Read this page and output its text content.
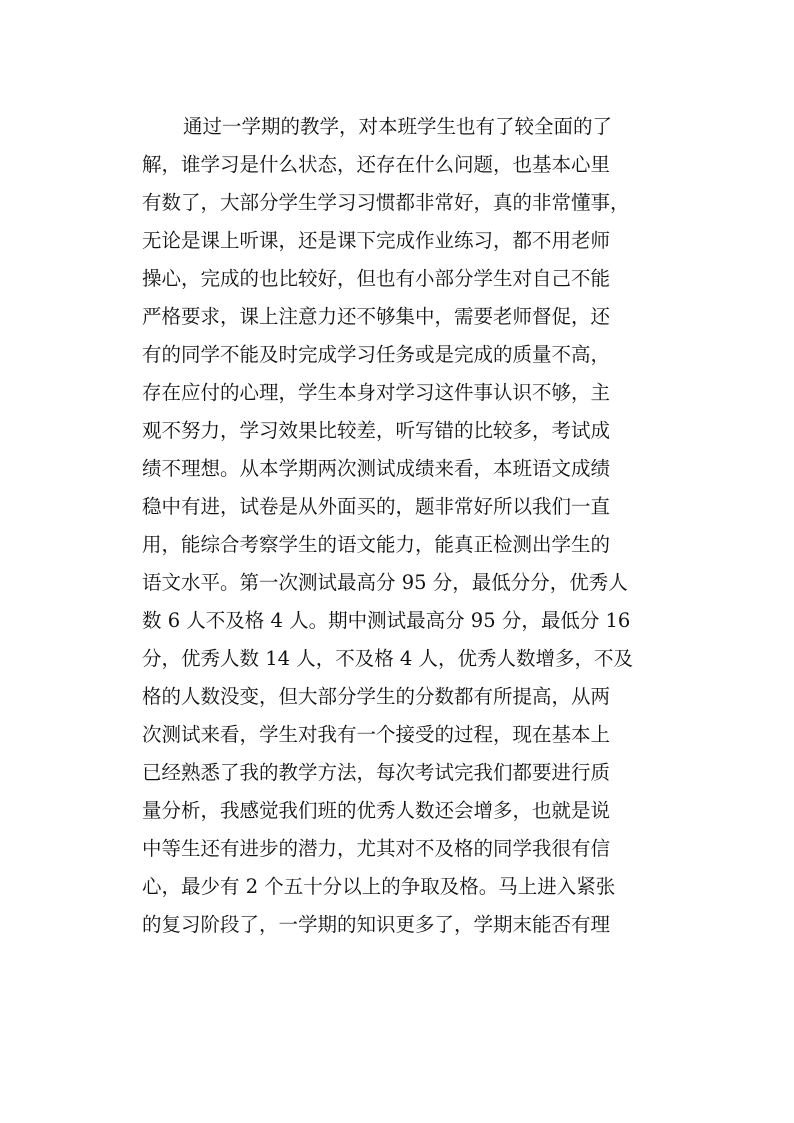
通过一学期的教学，对本班学生也有了较全面的了
解，谁学习是什么状态，还存在什么问题，也基本心里
有数了，大部分学生学习习惯都非常好，真的非常懂事，
无论是课上听课，还是课下完成作业练习，都不用老师
操心，完成的也比较好，但也有小部分学生对自己不能
严格要求，课上注意力还不够集中，需要老师督促，还
有的同学不能及时完成学习任务或是完成的质量不高，
存在应付的心理，学生本身对学习这件事认识不够，主
观不努力，学习效果比较差，听写错的比较多，考试成
绩不理想。从本学期两次测试成绩来看，本班语文成绩
稳中有进，试卷是从外面买的，题非常好所以我们一直
用，能综合考察学生的语文能力，能真正检测出学生的
语文水平。第一次测试最高分 95 分，最低分分，优秀人
数 6 人不及格 4 人。期中测试最高分 95 分，最低分 16
分，优秀人数 14 人，不及格 4 人，优秀人数增多，不及
格的人数没变，但大部分学生的分数都有所提高，从两
次测试来看，学生对我有一个接受的过程，现在基本上
已经熟悉了我的教学方法，每次考试完我们都要进行质
量分析，我感觉我们班的优秀人数还会增多，也就是说
中等生还有进步的潜力，尤其对不及格的同学我很有信
心，最少有 2 个五十分以上的争取及格。马上进入紧张
的复习阶段了，一学期的知识更多了，学期末能否有理
